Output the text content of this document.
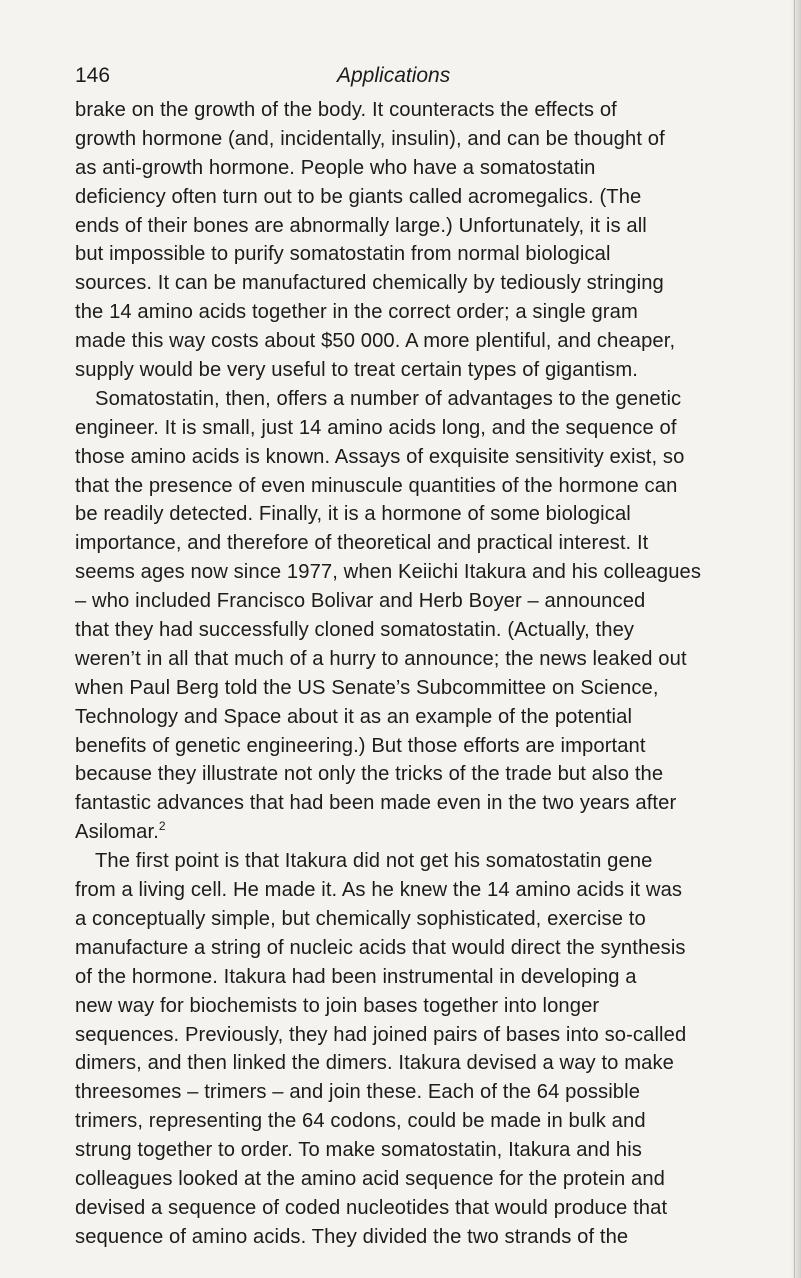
146	Applications
brake on the growth of the body. It counteracts the effects of
growth hormone (and, incidentally, insulin), and can be thought of
as anti-growth hormone. People who have a somatostatin
deficiency often turn out to be giants called acromegalics. (The
ends of their bones are abnormally large.) Unfortunately, it is all
but impossible to purify somatostatin from normal biological
sources. It can be manufactured chemically by tediously stringing
the 14 amino acids together in the correct order; a single gram
made this way costs about $50 000. A more plentiful, and cheaper,
supply would be very useful to treat certain types of gigantism.
Somatostatin, then, offers a number of advantages to the genetic
engineer. It is small, just 14 amino acids long, and the sequence of
those amino acids is known. Assays of exquisite sensitivity exist, so
that the presence of even minuscule quantities of the hormone can
be readily detected. Finally, it is a hormone of some biological
importance, and therefore of theoretical and practical interest. It
seems ages now since 1977, when Keiichi Itakura and his colleagues
– who included Francisco Bolivar and Herb Boyer – announced
that they had successfully cloned somatostatin. (Actually, they
weren’t in all that much of a hurry to announce; the news leaked out
when Paul Berg told the US Senate’s Subcommittee on Science,
Technology and Space about it as an example of the potential
benefits of genetic engineering.) But those efforts are important
because they illustrate not only the tricks of the trade but also the
fantastic advances that had been made even in the two years after
Asilomar.$^2$
The first point is that Itakura did not get his somatostatin gene
from a living cell. He made it. As he knew the 14 amino acids it was
a conceptually simple, but chemically sophisticated, exercise to
manufacture a string of nucleic acids that would direct the synthesis
of the hormone. Itakura had been instrumental in developing a
new way for biochemists to join bases together into longer
sequences. Previously, they had joined pairs of bases into so-called
dimers, and then linked the dimers. Itakura devised a way to make
threesomes – trimers – and join these. Each of the 64 possible
trimers, representing the 64 codons, could be made in bulk and
strung together to order. To make somatostatin, Itakura and his
colleagues looked at the amino acid sequence for the protein and
devised a sequence of coded nucleotides that would produce that
sequence of amino acids. They divided the two strands of the
